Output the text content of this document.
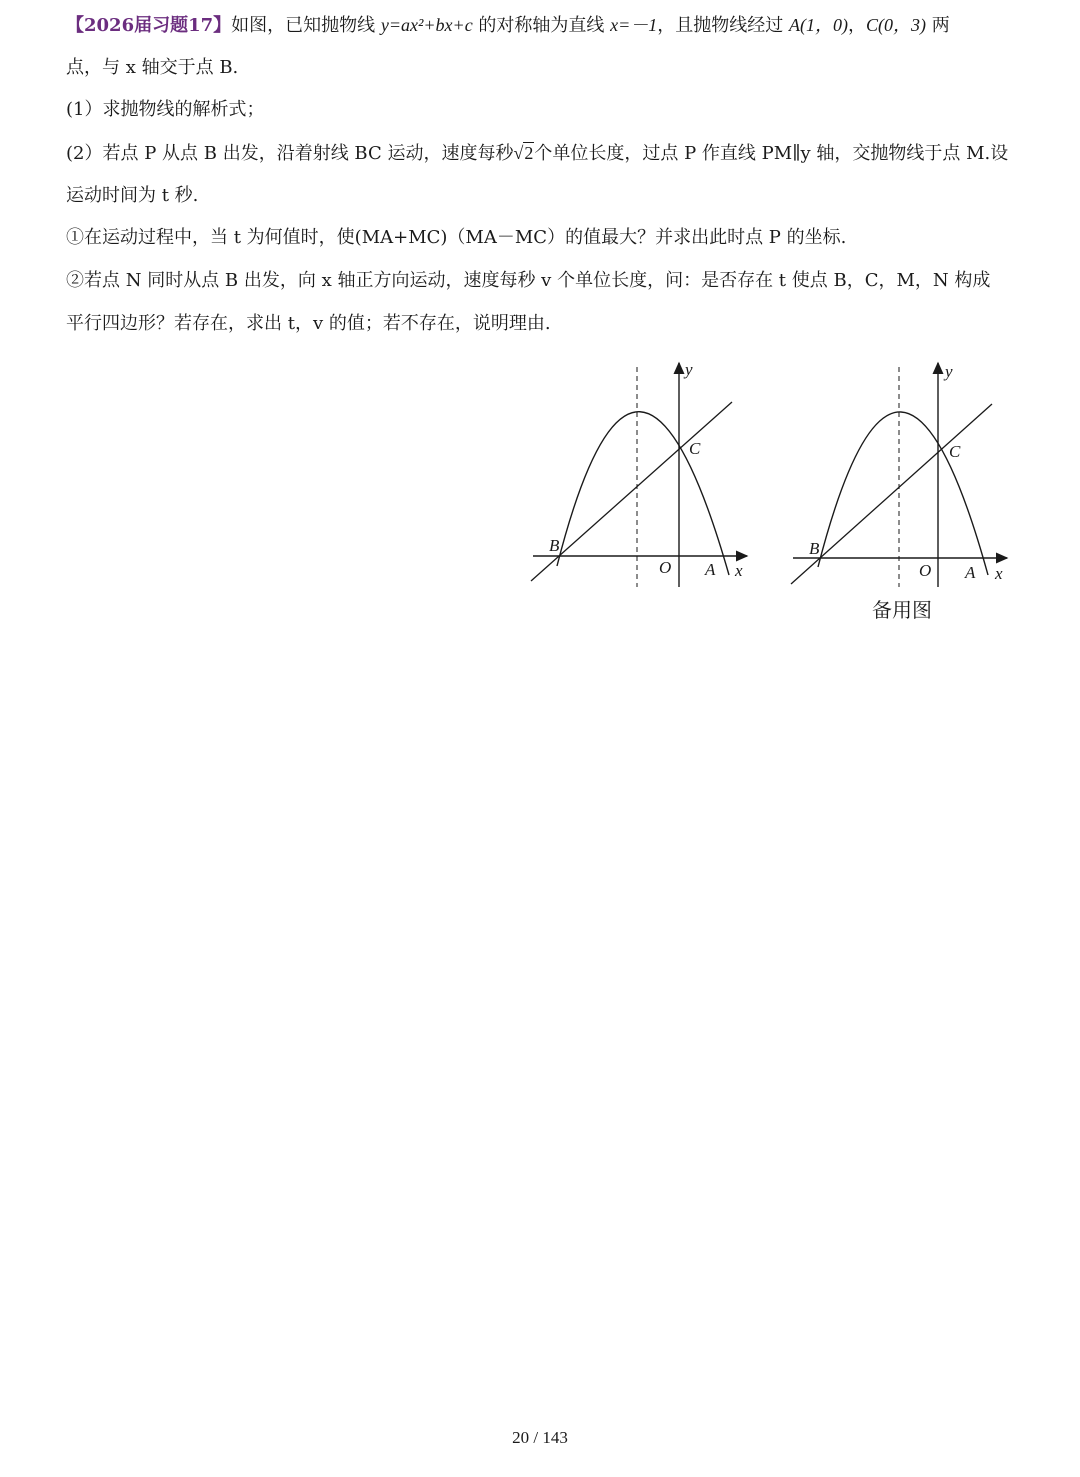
【2026届习题17】如图，已知抛物线 y=ax²+bx+c 的对称轴为直线 x=－1，且抛物线经过 A(1，0)，C(0，3) 两
点，与 x 轴交于点 B.
(1）求抛物线的解析式；
(2）若点 P 从点 B 出发，沿着射线 BC 运动，速度每秒√2个单位长度，过点 P 作直线 PM∥y 轴，交抛物线于点 M.设
运动时间为 t 秒.
①在运动过程中，当 t 为何值时，使(MA+MC)（MA－MC）的值最大？并求出此时点 P 的坐标.
②若点 N 同时从点 B 出发，向 x 轴正方向运动，速度每秒 v 个单位长度，问：是否存在 t 使点 B，C，M，N 构成
平行四边形？若存在，求出 t，v 的值；若不存在，说明理由.
y
C
B
O A x
y
C
B
O A x
备用图
20 / 143
